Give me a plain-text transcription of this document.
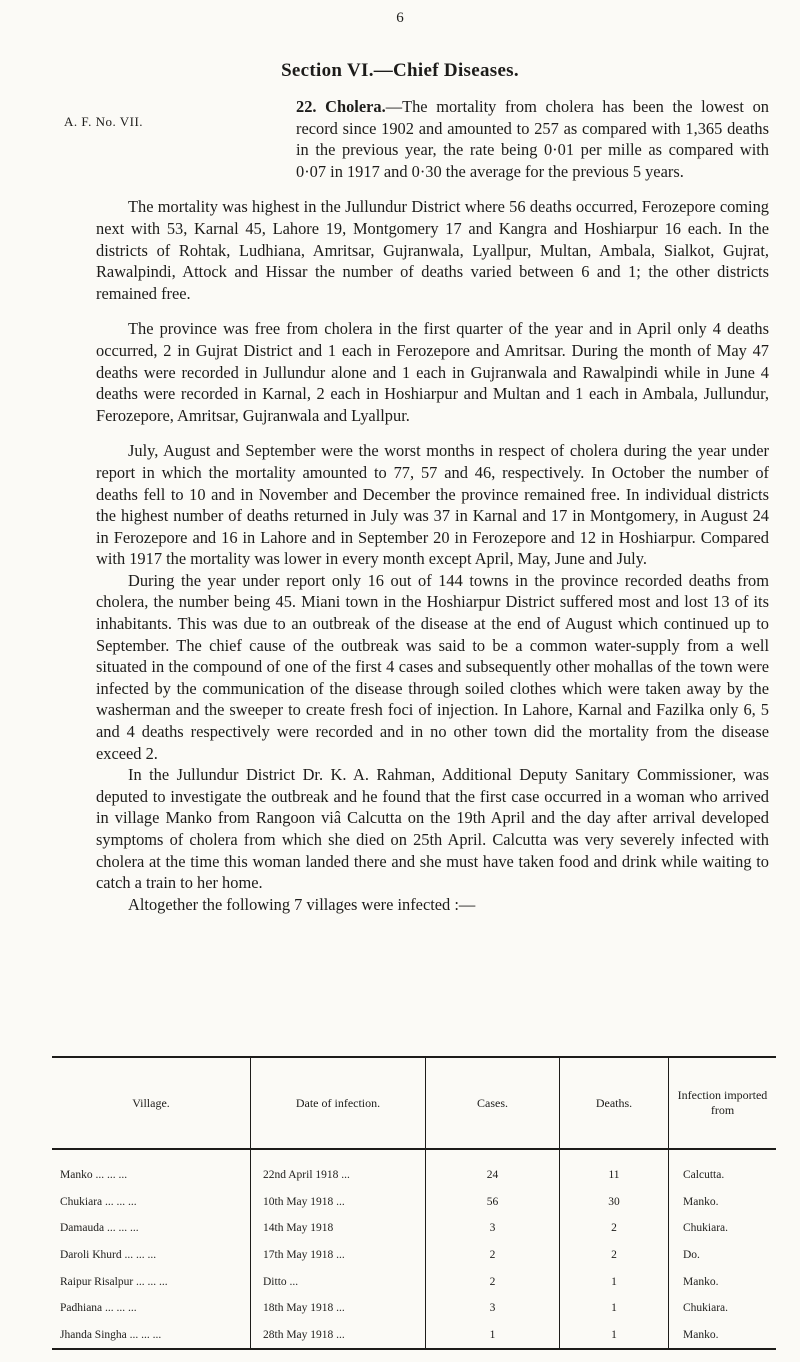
6
Section VI.—Chief Diseases.
A. F. No. VII.

22. Cholera.—The mortality from cholera has been the lowest on record since 1902 and amounted to 257 as compared with 1,365 deaths in the previous year, the rate being 0·01 per mille as compared with 0·07 in 1917 and 0·30 the average for the previous 5 years.

The mortality was highest in the Jullundur District where 56 deaths occurred, Ferozepore coming next with 53, Karnal 45, Lahore 19, Montgomery 17 and Kangra and Hoshiarpur 16 each. In the districts of Rohtak, Ludhiana, Amritsar, Gujranwala, Lyallpur, Multan, Ambala, Sialkot, Gujrat, Rawalpindi, Attock and Hissar the number of deaths varied between 6 and 1; the other districts remained free.

The province was free from cholera in the first quarter of the year and in April only 4 deaths occurred, 2 in Gujrat District and 1 each in Ferozepore and Amritsar. During the month of May 47 deaths were recorded in Jullundur alone and 1 each in Gujranwala and Rawalpindi while in June 4 deaths were recorded in Karnal, 2 each in Hoshiarpur and Multan and 1 each in Ambala, Jullundur, Ferozepore, Amritsar, Gujranwala and Lyallpur.

July, August and September were the worst months in respect of cholera during the year under report in which the mortality amounted to 77, 57 and 46, respectively. In October the number of deaths fell to 10 and in November and December the province remained free. In individual districts the highest number of deaths returned in July was 37 in Karnal and 17 in Montgomery, in August 24 in Ferozepore and 16 in Lahore and in September 20 in Ferozepore and 12 in Hoshiarpur. Compared with 1917 the mortality was lower in every month except April, May, June and July.

During the year under report only 16 out of 144 towns in the province recorded deaths from cholera, the number being 45. Miani town in the Hoshiarpur District suffered most and lost 13 of its inhabitants. This was due to an outbreak of the disease at the end of August which continued up to September. The chief cause of the outbreak was said to be a common water-supply from a well situated in the compound of one of the first 4 cases and subsequently other mohallas of the town were infected by the communication of the disease through soiled clothes which were taken away by the washerman and the sweeper to create fresh foci of injection. In Lahore, Karnal and Fazilka only 6, 5 and 4 deaths respectively were recorded and in no other town did the mortality from the disease exceed 2.

In the Jullundur District Dr. K. A. Rahman, Additional Deputy Sanitary Commissioner, was deputed to investigate the outbreak and he found that the first case occurred in a woman who arrived in village Manko from Rangoon viâ Calcutta on the 19th April and the day after arrival developed symptoms of cholera from which she died on 25th April. Calcutta was very severely infected with cholera at the time this woman landed there and she must have taken food and drink while waiting to catch a train to her home.

Altogether the following 7 villages were infected :—

Village.	Date of infection.	Cases.	Deaths.	Infection imported from
Manko ... ... ...	22nd April 1918 ...	24	11	Calcutta.
Chukiara ... ... ...	10th May 1918 ...	56	30	Manko.
Damauda ... ... ...	14th May 1918	3	2	Chukiara.
Daroli Khurd ... ... ...	17th May 1918 ...	2	2	Do.
Raipur Risalpur ... ... ...	Ditto ...	2	1	Manko.
Padhiana ... ... ...	18th May 1918 ...	3	1	Chukiara.
Jhanda Singha ... ... ...	28th May 1918 ...	1	1	Manko.
